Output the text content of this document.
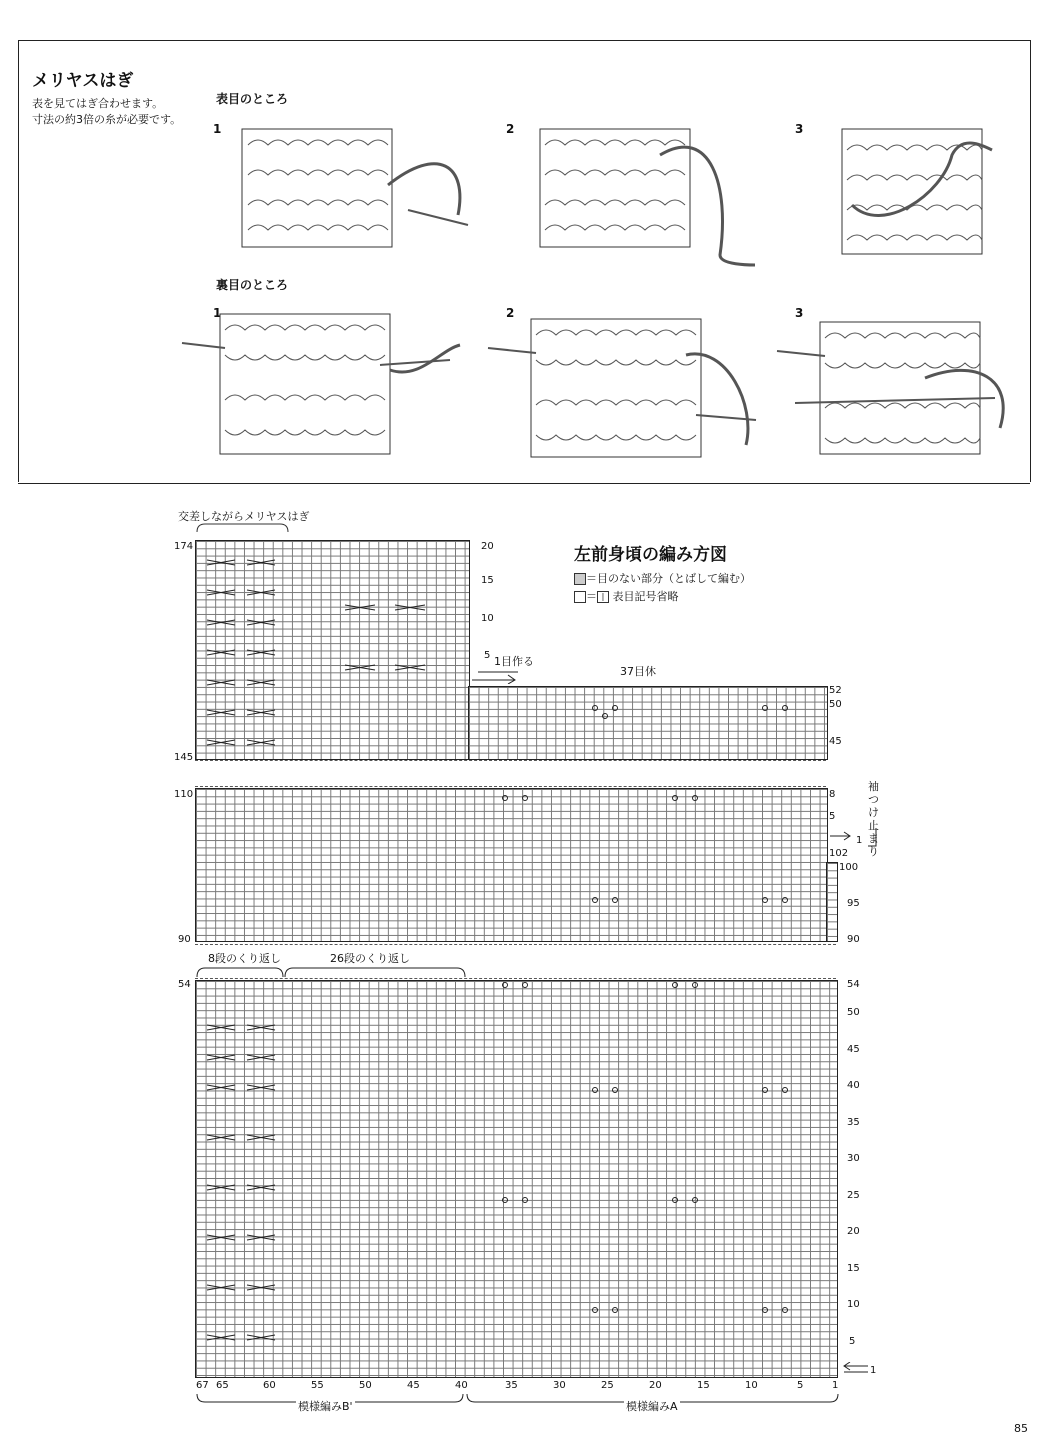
メリヤスはぎ
表を見てはぎ合わせます。
寸法の約3倍の糸が必要です。
表目のところ
裏目のところ
1	2	3
1	2	3
左前身頃の編み方図
＝目のない部分（とばして編む）
＝ | 表目記号省略
交差しながらメリヤスはぎ
174
145
110
90
54
20
15
10
5 1目作る
37目休
52
50
45
8
5
102
100
95
90
袖つけ止まり
1
8段のくり返し	26段のくり返し
54
50
45
40
35
30
25
20
15
10
5
1
67 65	60	55	50	45	40	35	30	25	20	15	10	5	1
模様編みB'	模様編みA
85
